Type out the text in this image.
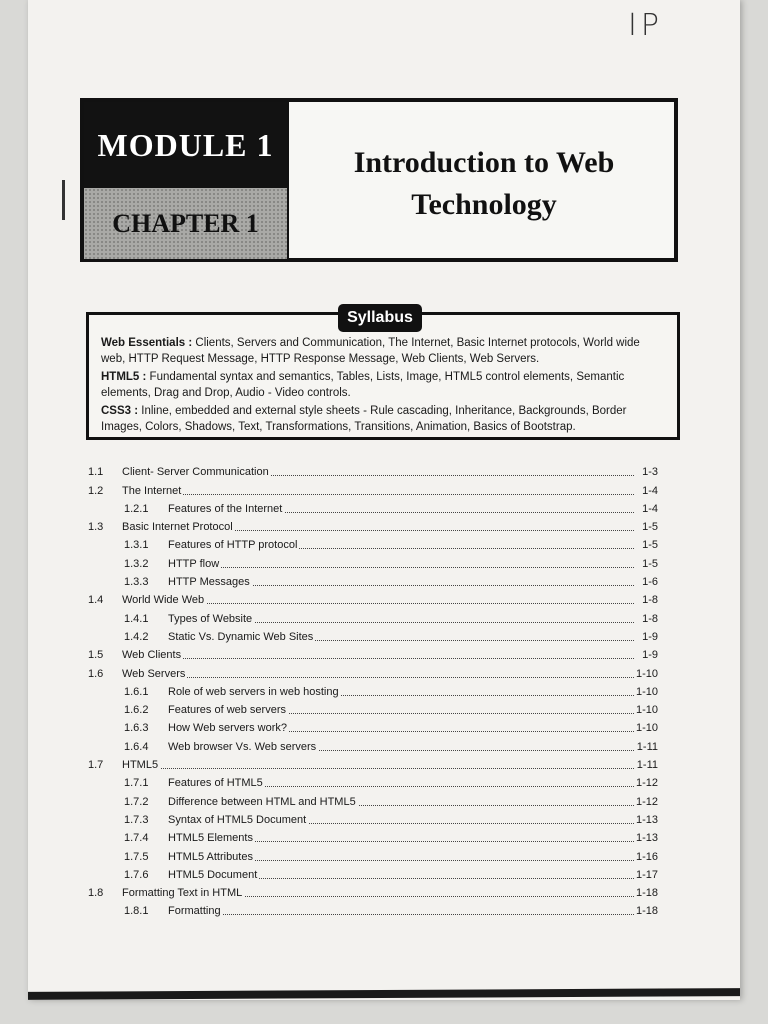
IP
MODULE 1
CHAPTER 1
Introduction to Web
Technology

Web Essentials : Clients, Servers and Communication, The Internet, Basic Internet protocols, World wide web, HTTP Request Message, HTTP Response Message, Web Clients, Web Servers.

HTML5 : Fundamental syntax and semantics, Tables, Lists, Image, HTML5 control elements, Semantic elements, Drag and Drop, Audio - Video controls.

CSS3 : Inline, embedded and external style sheets - Rule cascading, Inheritance, Backgrounds, Border Images, Colors, Shadows, Text, Transformations, Transitions, Animation, Basics of Bootstrap.

Syllabus
1.1 Client- Server Communication	1-3
1.2 The Internet	1-4
1.2.1 Features of the Internet	1-4
1.3 Basic Internet Protocol	1-5
1.3.1 Features of HTTP protocol	1-5
1.3.2 HTTP flow	1-5
1.3.3 HTTP Messages	1-6
1.4 World Wide Web	1-8
1.4.1 Types of Website	1-8
1.4.2 Static Vs. Dynamic Web Sites	1-9
1.5 Web Clients	1-9
1.6 Web Servers	1-10
1.6.1 Role of web servers in web hosting	1-10
1.6.2 Features of web servers	1-10
1.6.3 How Web servers work?	1-10
1.6.4 Web browser Vs. Web servers	1-11
1.7 HTML5	1-11
1.7.1 Features of HTML5	1-12
1.7.2 Difference between HTML and HTML5	1-12
1.7.3 Syntax of HTML5 Document	1-13
1.7.4 HTML5 Elements	1-13
1.7.5 HTML5 Attributes	1-16
1.7.6 HTML5 Document	1-17
1.8 Formatting Text in HTML	1-18
1.8.1 Formatting	1-18
